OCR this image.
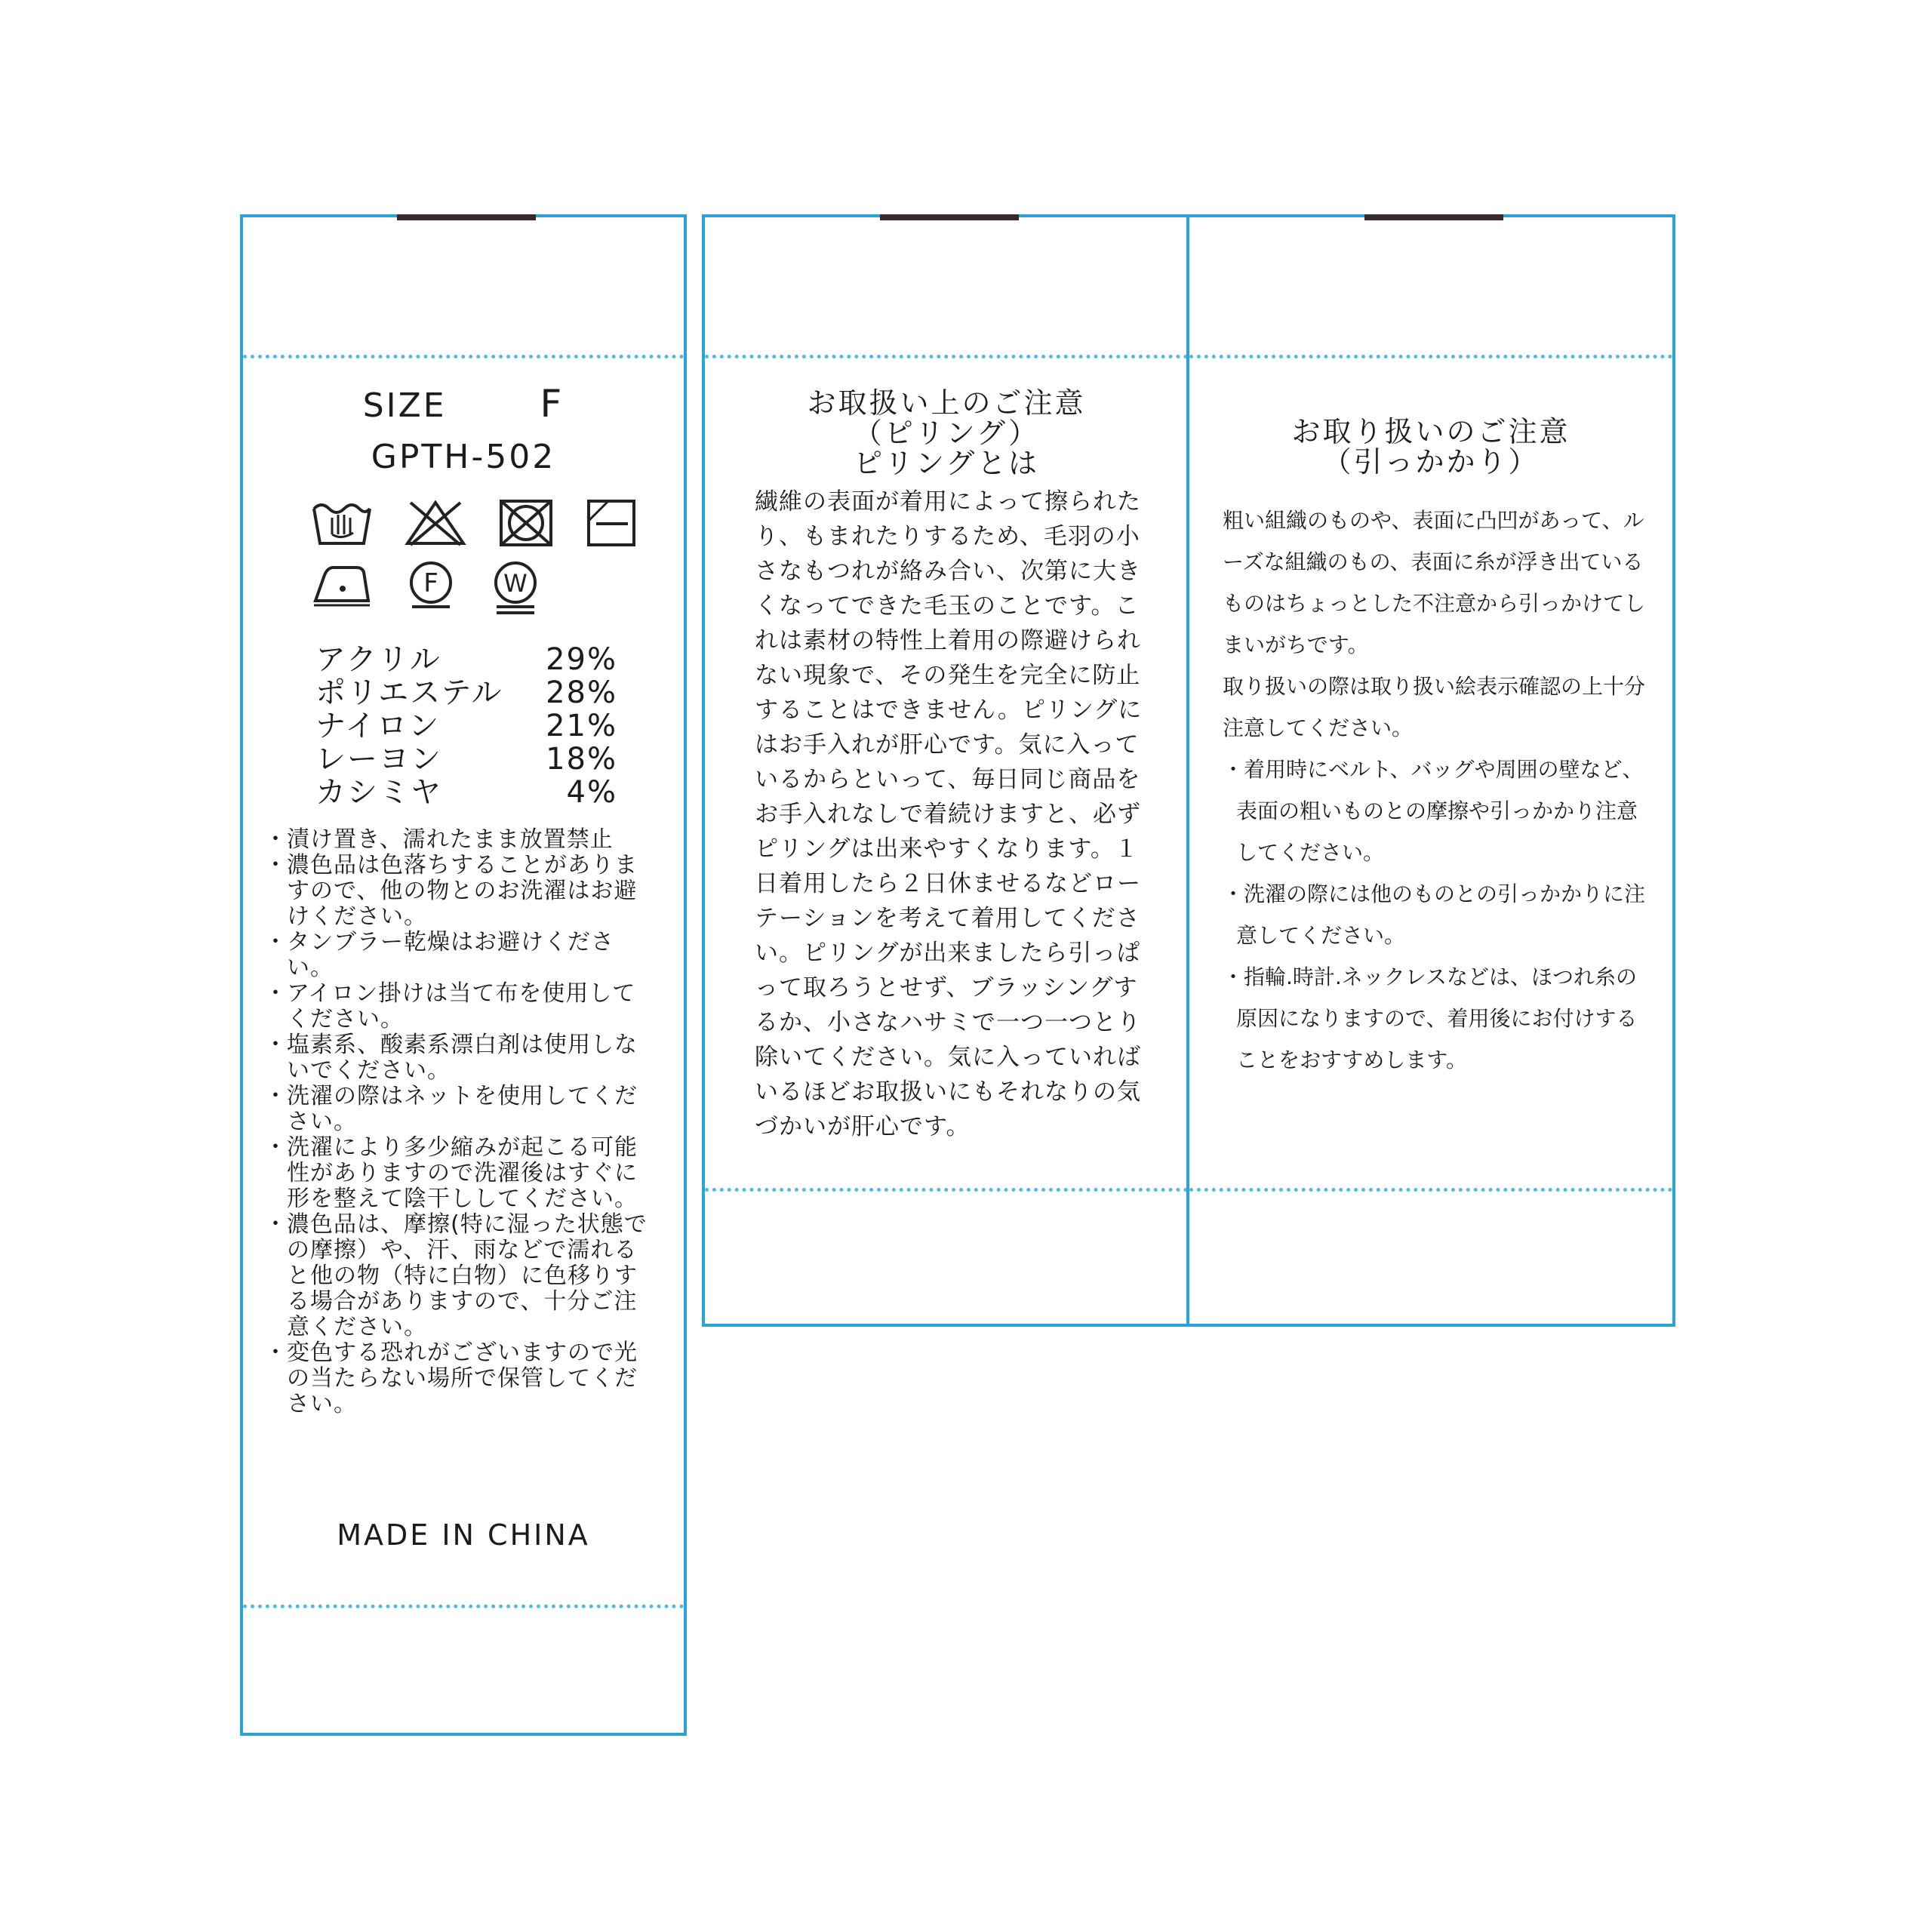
SIZE F
GPTH-502
F	W
アクリル	29%
ポリエステル 28%
ナイロン	21%
レーヨン	18%
カシミヤ	4%
・ 漬け置き、濡れたまま放置禁止
・ 濃色品は色落ちすることがありますので、他の物とのお洗濯はお避けください。
・ タンブラー乾燥はお避けください。
・ アイロン掛けは当て布を使用してください。
・ 塩素系、酸素系漂白剤は使用しないでください。
・ 洗濯の際はネットを使用してください。
・ 洗濯により多少縮みが起こる可能性がありますので洗濯後はすぐに形を整えて陰干ししてください。
・ 濃色品は、摩擦(特に湿った状態での摩擦）や、汗、雨などで濡れると他の物（特に白物）に色移りする場合がありますので、十分ご注意ください。
・ 変色する恐れがございますので光の当たらない場所で保管してください。
MADE IN CHINA
お取扱い上のご注意
（ピリング）
ピリングとは
繊維の表面が着用によって擦られたり、もまれたりするため、毛羽の小さなもつれが絡み合い、次第に大きくなってできた毛玉のことです。これは素材の特性上着用の際避けられない現象で、その発生を完全に防止することはできません。ピリングにはお手入れが肝心です。気に入っているからといって、毎日同じ商品をお手入れなしで着続けますと、必ずピリングは出来やすくなります。１日着用したら２日休ませるなどローテーションを考えて着用してください。ピリングが出来ましたら引っぱって取ろうとせず、ブラッシングするか、小さなハサミで一つ一つとり除いてください。気に入っていればいるほどお取扱いにもそれなりの気づかいが肝心です。
お取り扱いのご注意
（引っかかり）

粗い組織のものや、表面に凸凹があって、ルーズな組織のもの、表面に糸が浮き出ているものはちょっとした不注意から引っかけてしまいがちです。

取り扱いの際は取り扱い絵表示確認の上十分注意してください。

・着用時にベルト、バッグや周囲の壁など、表面の粗いものとの摩擦や引っかかり注意してください。

・洗濯の際には他のものとの引っかかりに注意してください。

・指輪.時計.ネックレスなどは、ほつれ糸の原因になりますので、着用後にお付けすることをおすすめします。
